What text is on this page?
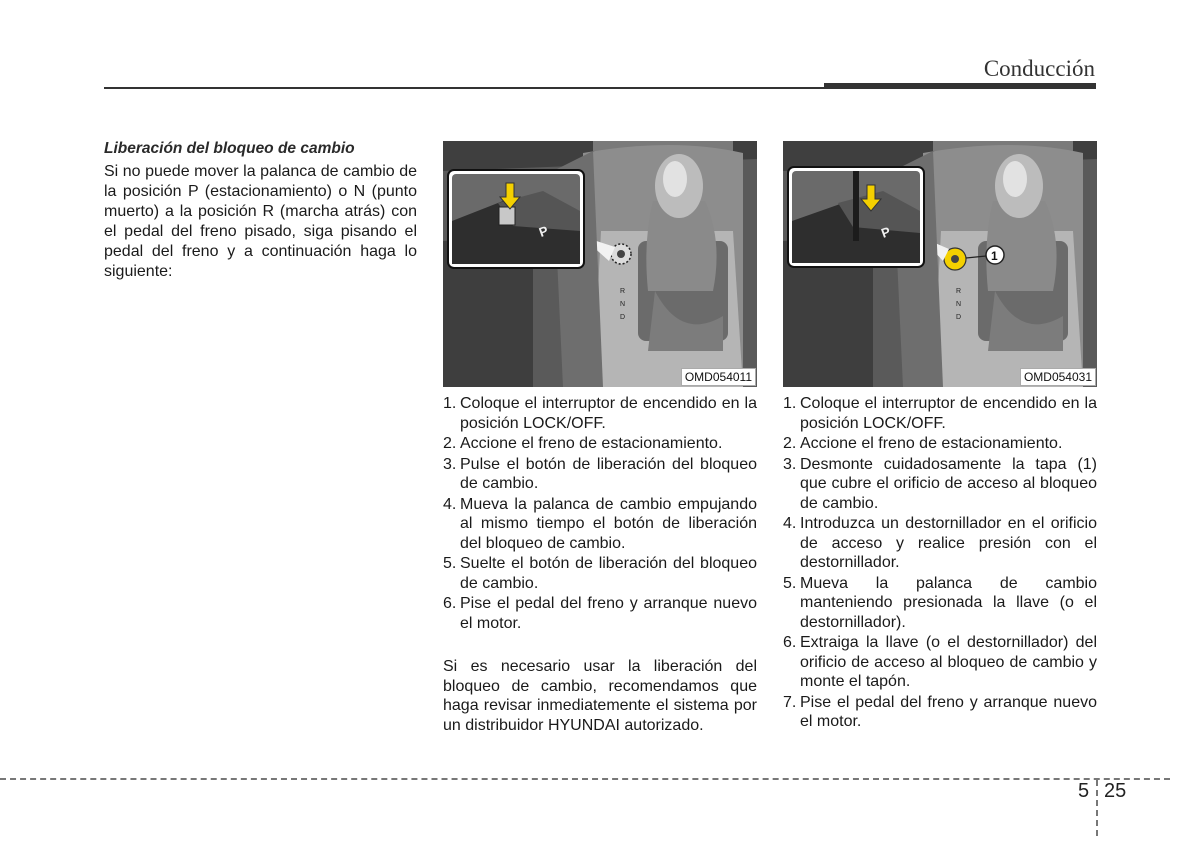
Conducción

Liberación del bloqueo de cambio

Si no puede mover la palanca de cambio de la posición P (estacionamiento) o N (punto muerto) a la posición R (marcha atrás) con el pedal del freno pisado, siga pisando el pedal del freno y a continuación haga lo siguiente:

R
N
D
P
OMD054011
1
R
N
D
P
OMD054031
1. Coloque el interruptor de encendido en la posición LOCK/OFF.
2. Accione el freno de estacionamiento.
3. Pulse el botón de liberación del bloqueo de cambio.
4. Mueva la palanca de cambio empujando al mismo tiempo el botón de liberación del bloqueo de cambio.
5. Suelte el botón de liberación del bloqueo de cambio.
6. Pise el pedal del freno y arranque nuevo el motor.

Si es necesario usar la liberación del bloqueo de cambio, recomendamos que haga revisar inmediatemente el sistema por un distribuidor HYUNDAI autorizado.

1. Coloque el interruptor de encendido en la posición LOCK/OFF.
2. Accione el freno de estacionamiento.
3. Desmonte cuidadosamente la tapa (1) que cubre el orificio de acceso al bloqueo de cambio.
4. Introduzca un destornillador en el orificio de acceso y realice presión con el destornillador.
5. Mueva la palanca de cambio manteniendo presionada la llave (o el destornillador).
6. Extraiga la llave (o el destornillador) del orificio de acceso al bloqueo de cambio y monte el tapón.
7. Pise el pedal del freno y arranque nuevo el motor.
5 25
